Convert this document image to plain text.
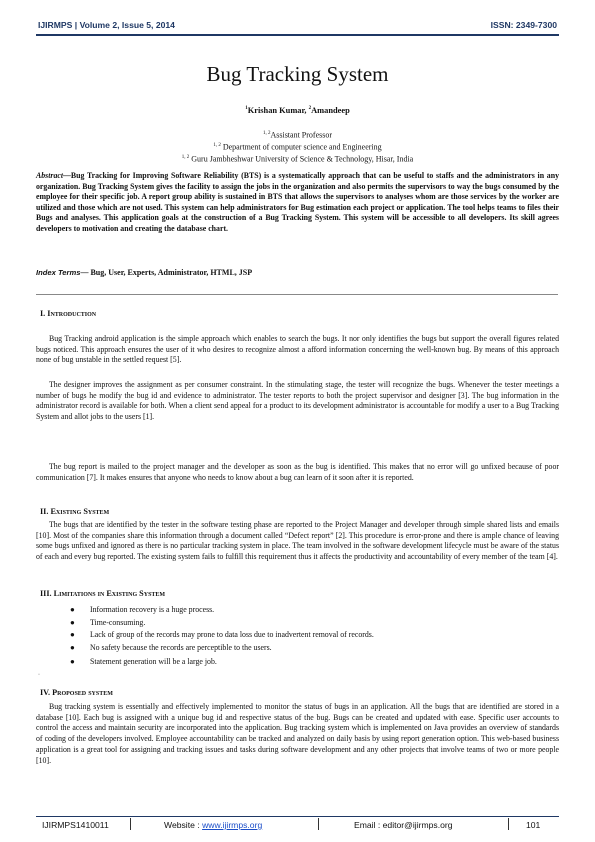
IJIRMPS | Volume 2, Issue 5, 2014	ISSN: 2349-7300
Bug Tracking System
$^1$Krishan Kumar, $^2$Amandeep
$^{1, 2}$Assistant Professor
$^{1, 2}$ Department of computer science and Engineering
$^{1, 2}$ Guru Jambheshwar University of Science & Technology, Hisar, India
Abstract—Bug Tracking for Improving Software Reliability (BTS) is a systematically approach that can be useful to staffs and the administrators in any organization. Bug Tracking System gives the facility to assign the jobs in the organization and also permits the supervisors to way the bugs consumed by the employee for their specific job. A report group ability is sustained in BTS that allows the supervisors to analyses whom are those services by the worker are utilized and those which are not used. This system can help administrators for Bug estimation each project or application. The tool helps teams to files their Bugs and analyses. This application goals at the construction of a Bug Tracking System. This system will be accessible to all developers. Its skill agrees developers to motivation and creating the database chart.
Index Terms— Bug, User, Experts, Administrator, HTML, JSP
I. Introduction
Bug Tracking android application is the simple approach which enables to search the bugs. It nor only identifies the bugs but support the overall figures related bugs noticed. This approach ensures the user of it who desires to recognize almost a afford information concerning the well-known bug. By means of this approach none of bug unstable in the settled request [5].
The designer improves the assignment as per consumer constraint. In the stimulating stage, the tester will recognize the bugs. Whenever the tester meetings a number of bugs he modify the bug id and evidence to administrator. The tester reports to both the project supervisor and designer [3]. The bug information in the administrator record is available for both. When a client send appeal for a product to its development administrator is accountable for modify a user to a Bug Tracking System and allot jobs to the users [1].
The bug report is mailed to the project manager and the developer as soon as the bug is identified. This makes that no error will go unfixed because of poor communication [7]. It makes ensures that anyone who needs to know about a bug can learn of it soon after it is reported.
II. Existing System
The bugs that are identified by the tester in the software testing phase are reported to the Project Manager and developer through simple shared lists and emails [10]. Most of the companies share this information through a document called “Defect report” [2]. This procedure is error-prone and there is ample chance of leaving some bugs unfixed and ignored as there is no particular tracking system in place. The team involved in the software development lifecycle must be aware of the status of each and every bug reported. The existing system fails to fulfill this requirement thus it affects the productivity and accountability of every member of the team [4].
III. Limitations in Existing System
● Information recovery is a huge process.
● Time-consuming.
● Lack of group of the records may prone to data loss due to inadvertent removal of records.
● No safety because the records are perceptible to the users.
● Statement generation will be a large job.
·
IV. Proposed system
Bug tracking system is essentially and effectively implemented to monitor the status of bugs in an application. All the bugs that are identified are stored in a database [10]. Each bug is assigned with a unique bug id and respective status of the bug. Bugs can be created and updated with ease. Specific user accounts to control the access and maintain security are incorporated into the application. Bug tracking system which is implemented on Java provides an overview of standards of coding of the developers involved. Employee accountability can be tracked and analyzed on daily basis by using report generation option. This web-based business application is a great tool for assigning and tracking issues and tasks during software development and any other projects that involve teams of two or more people [10].
IJIRMPS1410011	Website : www.ijirmps.org	Email : editor@ijirmps.org	101
